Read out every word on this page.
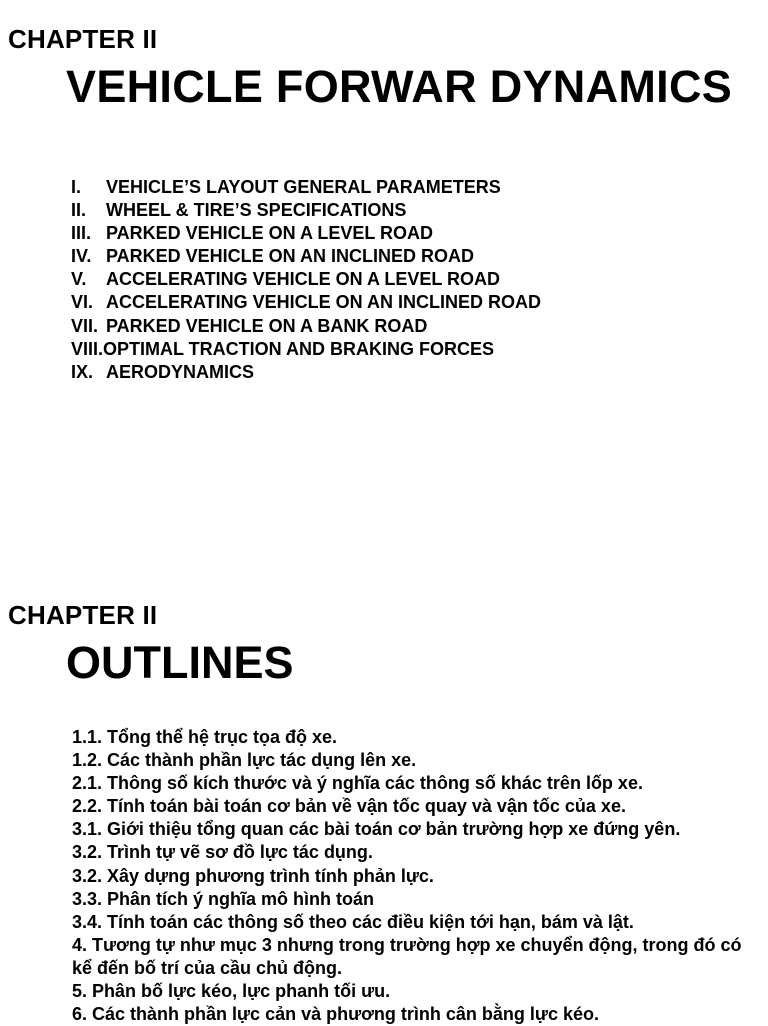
CHAPTER II
VEHICLE FORWAR DYNAMICS
I.	VEHICLE’S LAYOUT GENERAL PARAMETERS
II.	WHEEL & TIRE’S SPECIFICATIONS
III. PARKED VEHICLE ON A LEVEL ROAD
IV. PARKED VEHICLE ON AN INCLINED ROAD
V.	ACCELERATING VEHICLE ON A LEVEL ROAD
VI. ACCELERATING VEHICLE ON AN INCLINED ROAD
VII. PARKED VEHICLE ON A BANK ROAD
VIII. OPTIMAL TRACTION AND BRAKING FORCES
IX. AERODYNAMICS
CHAPTER II
OUTLINES
1.1. Tổng thể hệ trục tọa độ xe.
1.2. Các thành phần lực tác dụng lên xe.
2.1. Thông số kích thước và ý nghĩa các thông số khác trên lốp xe.
2.2. Tính toán bài toán cơ bản về vận tốc quay và vận tốc của xe.
3.1. Giới thiệu tổng quan các bài toán cơ bản trường hợp xe đứng yên.
3.2. Trình tự vẽ sơ đồ lực tác dụng.
3.2. Xây dựng phương trình tính phản lực.
3.3. Phân tích ý nghĩa mô hình toán
3.4. Tính toán các thông số theo các điều kiện tới hạn, bám và lật.
4. Tương tự như mục 3 nhưng trong trường hợp xe chuyển động, trong đó có kể đến bố trí của cầu chủ động.
5. Phân bố lực kéo, lực phanh tối ưu.
6. Các thành phần lực cản và phương trình cân bằng lực kéo.
